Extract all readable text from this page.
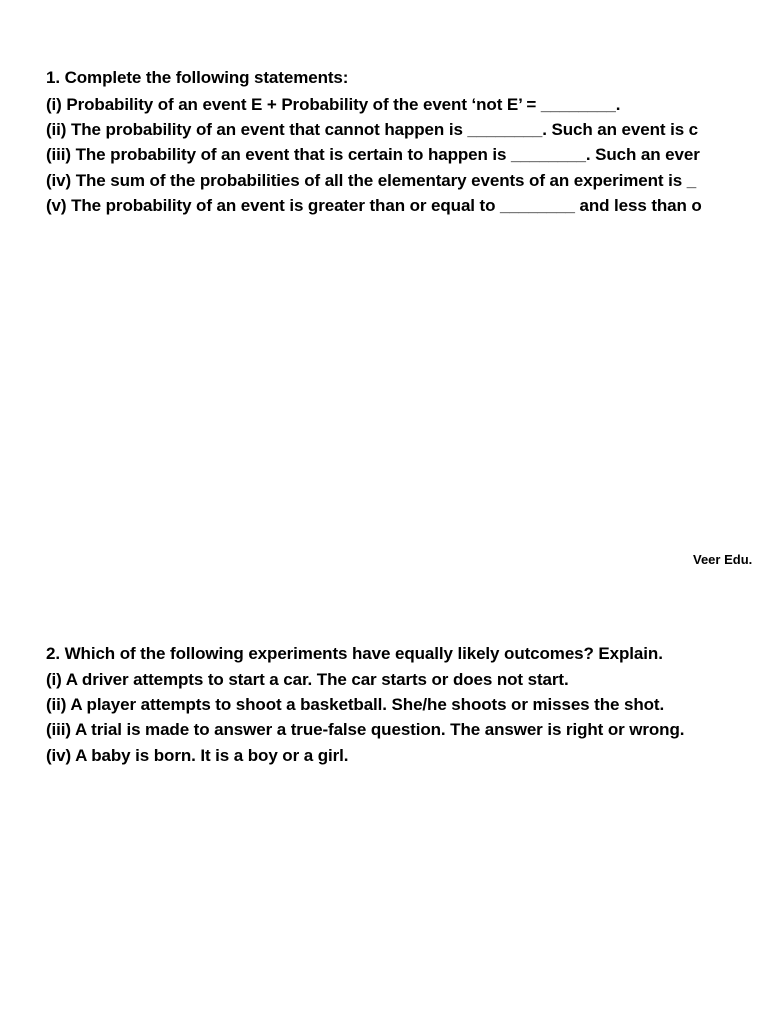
1. Complete the following statements:
(i) Probability of an event E + Probability of the event ‘not E’ = ________.
(ii) The probability of an event that cannot happen is ________. Such an event is c
(iii) The probability of an event that is certain to happen is ________. Such an ever
(iv) The sum of the probabilities of all the elementary events of an experiment is _
(v) The probability of an event is greater than or equal to ________ and less than o
Veer Edu.
2. Which of the following experiments have equally likely outcomes? Explain.
(i) A driver attempts to start a car. The car starts or does not start.
(ii) A player attempts to shoot a basketball. She/he shoots or misses the shot.
(iii) A trial is made to answer a true-false question. The answer is right or wrong.
(iv) A baby is born. It is a boy or a girl.
